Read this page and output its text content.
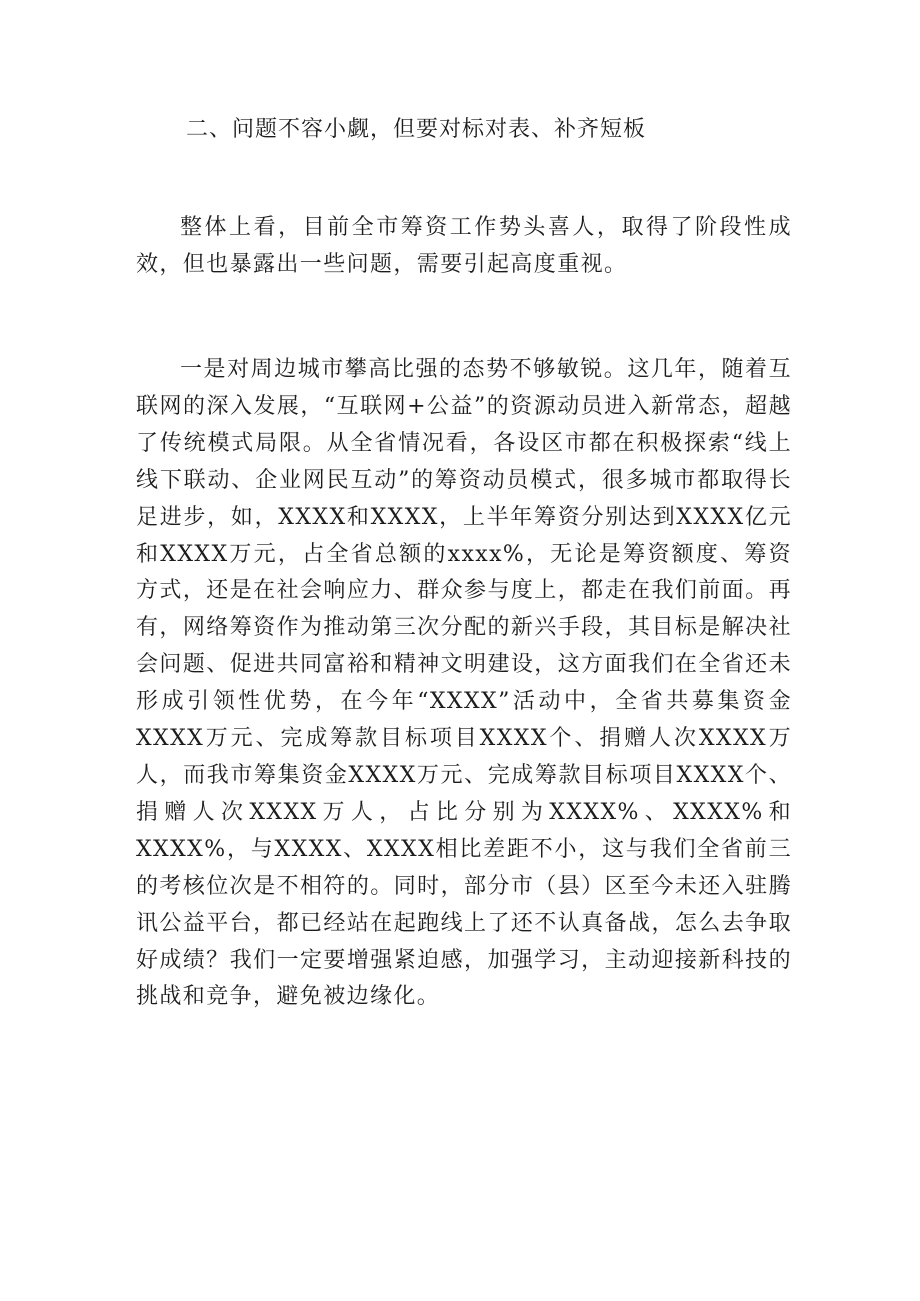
二、问题不容小觑，但要对标对表、补齐短板

整体上看，目前全市筹资工作势头喜人，取得了阶段性成效，但也暴露出一些问题，需要引起高度重视。

一是对周边城市攀高比强的态势不够敏锐。这几年，随着互联网的深入发展，“互联网+公益”的资源动员进入新常态，超越了传统模式局限。从全省情况看，各设区市都在积极探索“线上线下联动、企业网民互动”的筹资动员模式，很多城市都取得长足进步，如，XXXX和XXXX，上半年筹资分别达到XXXX亿元和XXXX万元，占全省总额的xxxx%，无论是筹资额度、筹资方式，还是在社会响应力、群众参与度上，都走在我们前面。再有，网络筹资作为推动第三次分配的新兴手段，其目标是解决社会问题、促进共同富裕和精神文明建设，这方面我们在全省还未形成引领性优势，在今年“XXXX”活动中，全省共募集资金XXXX万元、完成筹款目标项目XXXX个、捐赠人次XXXX万人，而我市筹集资金XXXX万元、完成筹款目标项目XXXX个、捐赠人次XXXX万人，占比分别为XXXX%、XXXX%和XXXX%，与XXXX、XXXX相比差距不小，这与我们全省前三的考核位次是不相符的。同时，部分市（县）区至今未还入驻腾讯公益平台，都已经站在起跑线上了还不认真备战，怎么去争取好成绩？我们一定要增强紧迫感，加强学习，主动迎接新科技的挑战和竞争，避免被边缘化。
